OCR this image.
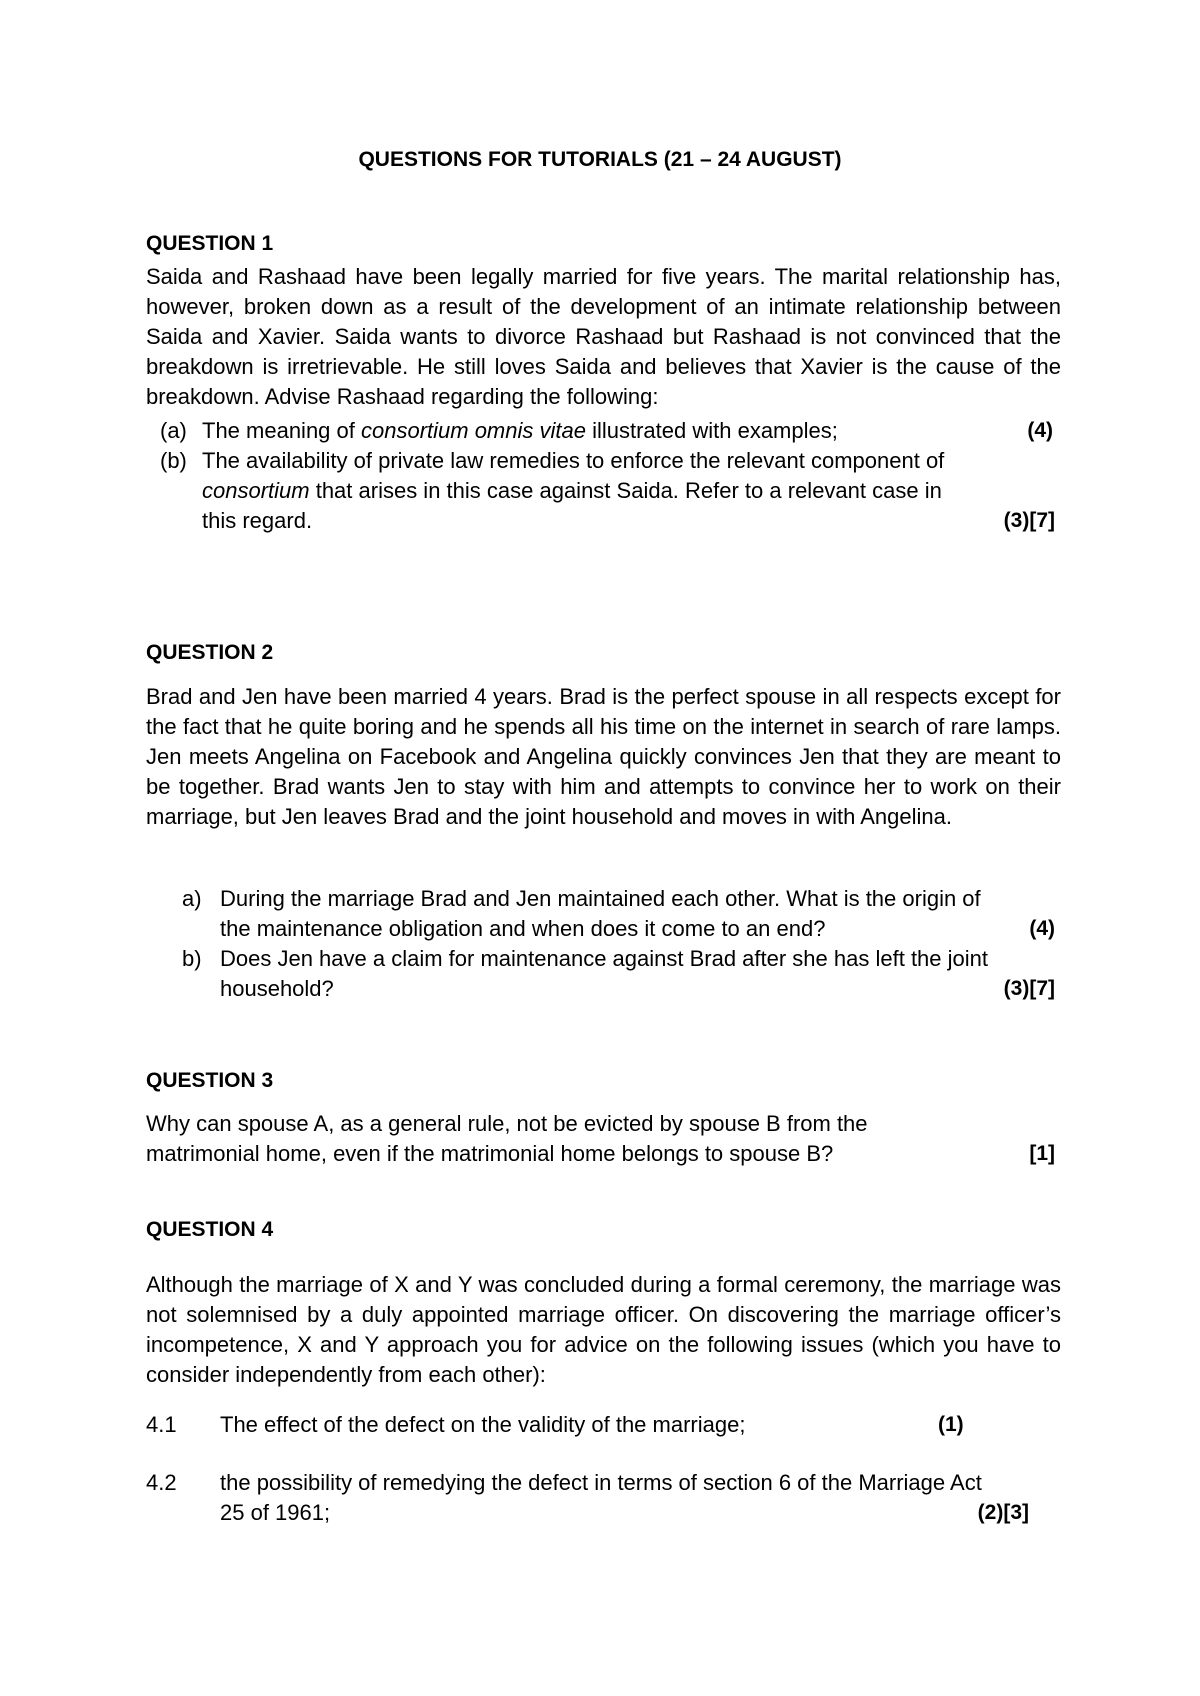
QUESTIONS FOR TUTORIALS (21 – 24 AUGUST)
QUESTION 1
Saida and Rashaad have been legally married for five years. The marital relationship has, however, broken down as a result of the development of an intimate relationship between Saida and Xavier. Saida wants to divorce Rashaad but Rashaad is not convinced that the breakdown is irretrievable. He still loves Saida and believes that Xavier is the cause of the breakdown. Advise Rashaad regarding the following:
(a) The meaning of consortium omnis vitae illustrated with examples;	(4)
(b) The availability of private law remedies to enforce the relevant component of
consortium that arises in this case against Saida. Refer to a relevant case in
this regard.	(3)[7]
QUESTION 2
Brad and Jen have been married 4 years. Brad is the perfect spouse in all respects except for the fact that he quite boring and he spends all his time on the internet in search of rare lamps. Jen meets Angelina on Facebook and Angelina quickly convinces Jen that they are meant to be together. Brad wants Jen to stay with him and attempts to convince her to work on their marriage, but Jen leaves Brad and the joint household and moves in with Angelina.
a) During the marriage Brad and Jen maintained each other. What is the origin of
the maintenance obligation and when does it come to an end?	(4)
b) Does Jen have a claim for maintenance against Brad after she has left the joint
household?	(3)[7]
QUESTION 3
Why can spouse A, as a general rule, not be evicted by spouse B from the
matrimonial home, even if the matrimonial home belongs to spouse B?	[1]
QUESTION 4
Although the marriage of X and Y was concluded during a formal ceremony, the marriage was not solemnised by a duly appointed marriage officer. On discovering the marriage officer’s incompetence, X and Y approach you for advice on the following issues (which you have to consider independently from each other):
4.1 The effect of the defect on the validity of the marriage;	(1)
4.2 the possibility of remedying the defect in terms of section 6 of the Marriage Act
25 of 1961;	(2)[3]
